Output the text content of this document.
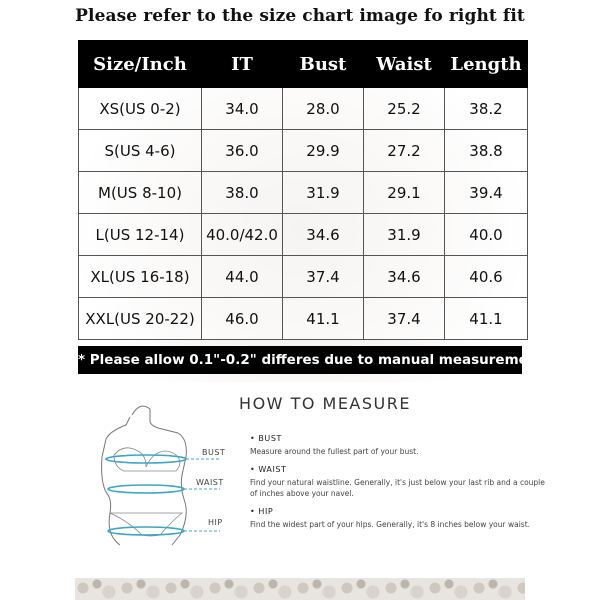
Please refer to the size chart image fo right fit
Size/Inch	IT	Bust	Waist	Length
XS(US 0-2)	34.0	28.0	25.2	38.2
S(US 4-6)	36.0	29.9	27.2	38.8
M(US 8-10)	38.0	31.9	29.1	39.4
L(US 12-14)	40.0/42.0	34.6	31.9	40.0
XL(US 16-18)	44.0	37.4	34.6	40.6
XXL(US 20-22)	46.0	41.1	37.4	41.1
* Please allow 0.1"-0.2" differes due to manual measurement
HOW TO MEASURE
BUST
WAIST
HIP
• BUST
Measure around the fullest part of your bust.
• WAIST
Find your natural waistline. Generally, it's just below your last rib and a couple of inches above your navel.
• HIP
Find the widest part of your hips. Generally, it's 8 inches below your waist.
